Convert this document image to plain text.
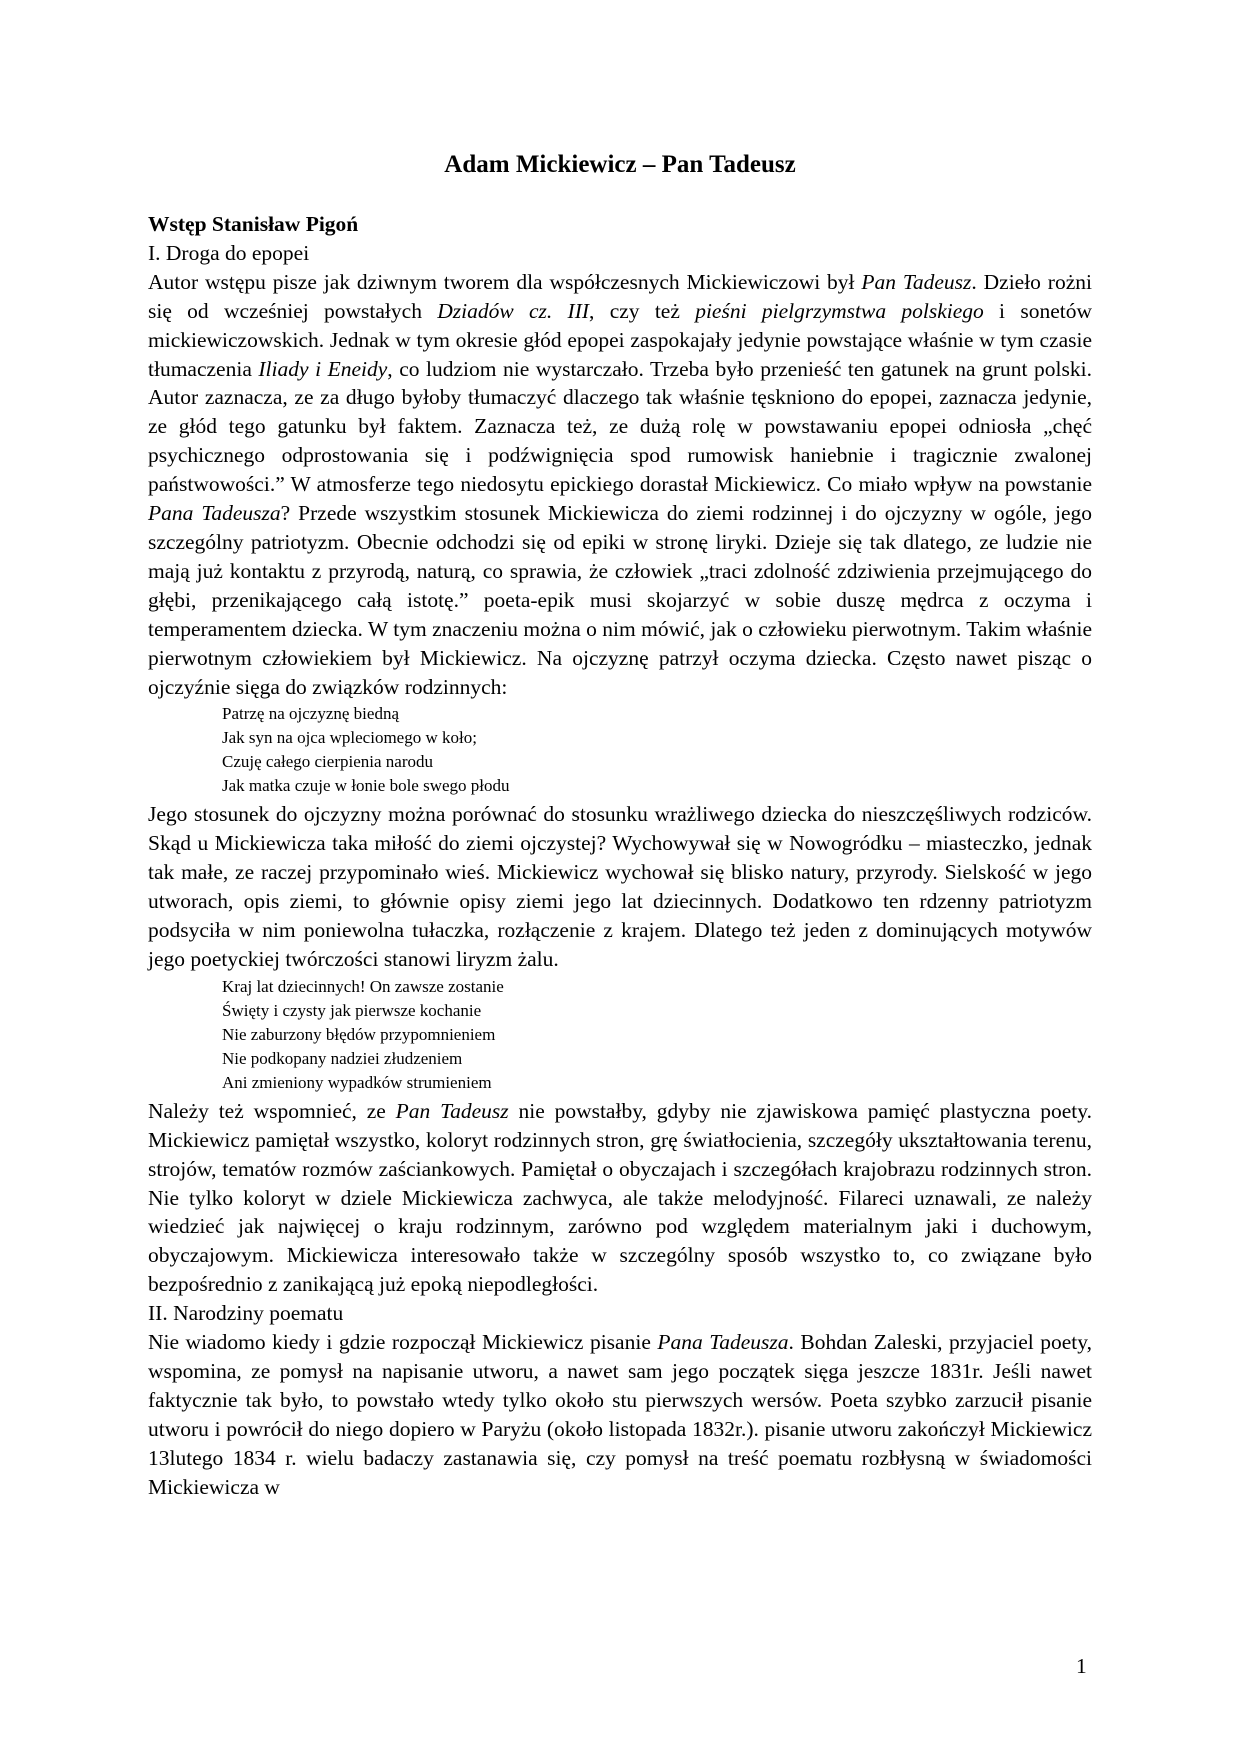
Adam Mickiewicz – Pan Tadeusz
Wstęp Stanisław Pigoń
I. Droga do epopei

Autor wstępu pisze jak dziwnym tworem dla współczesnych Mickiewiczowi był Pan Tadeusz. Dzieło rożni się od wcześniej powstałych Dziadów cz. III, czy też pieśni pielgrzymstwa polskiego i sonetów mickiewiczowskich. Jednak w tym okresie głód epopei zaspokajały jedynie powstające właśnie w tym czasie tłumaczenia Iliady i Eneidy, co ludziom nie wystarczało. Trzeba było przenieść ten gatunek na grunt polski. Autor zaznacza, ze za długo byłoby tłumaczyć dlaczego tak właśnie tęskniono do epopei, zaznacza jedynie, ze głód tego gatunku był faktem. Zaznacza też, ze dużą rolę w powstawaniu epopei odniosła „chęć psychicznego odprostowania się i podźwignięcia spod rumowisk haniebnie i tragicznie zwalonej państwowości.” W atmosferze tego niedosytu epickiego dorastał Mickiewicz. Co miało wpływ na powstanie Pana Tadeusza? Przede wszystkim stosunek Mickiewicza do ziemi rodzinnej i do ojczyzny w ogóle, jego szczególny patriotyzm. Obecnie odchodzi się od epiki w stronę liryki. Dzieje się tak dlatego, ze ludzie nie mają już kontaktu z przyrodą, naturą, co sprawia, że człowiek „traci zdolność zdziwienia przejmującego do głębi, przenikającego całą istotę.” poeta-epik musi skojarzyć w sobie duszę mędrca z oczyma i temperamentem dziecka. W tym znaczeniu można o nim mówić, jak o człowieku pierwotnym. Takim właśnie pierwotnym człowiekiem był Mickiewicz. Na ojczyznę patrzył oczyma dziecka. Często nawet pisząc o ojczyźnie sięga do związków rodzinnych:

Patrzę na ojczyznę biedną
Jak syn na ojca wpleciomego w koło;
Czuję całego cierpienia narodu
Jak matka czuje w łonie bole swego płodu

Jego stosunek do ojczyzny można porównać do stosunku wrażliwego dziecka do nieszczęśliwych rodziców. Skąd u Mickiewicza taka miłość do ziemi ojczystej? Wychowywał się w Nowogródku – miasteczko, jednak tak małe, ze raczej przypominało wieś. Mickiewicz wychował się blisko natury, przyrody. Sielskość w jego utworach, opis ziemi, to głównie opisy ziemi jego lat dziecinnych. Dodatkowo ten rdzenny patriotyzm podsyciła w nim poniewolna tułaczka, rozłączenie z krajem. Dlatego też jeden z dominujących motywów jego poetyckiej twórczości stanowi liryzm żalu.

Kraj lat dziecinnych! On zawsze zostanie
Święty i czysty jak pierwsze kochanie
Nie zaburzony błędów przypomnieniem
Nie podkopany nadziei złudzeniem
Ani zmieniony wypadków strumieniem

Należy też wspomnieć, ze Pan Tadeusz nie powstałby, gdyby nie zjawiskowa pamięć plastyczna poety. Mickiewicz pamiętał wszystko, koloryt rodzinnych stron, grę światłocienia, szczegóły ukształtowania terenu, strojów, tematów rozmów zaściankowych. Pamiętał o obyczajach i szczegółach krajobrazu rodzinnych stron. Nie tylko koloryt w dziele Mickiewicza zachwyca, ale także melodyjność. Filareci uznawali, ze należy wiedzieć jak najwięcej o kraju rodzinnym, zarówno pod względem materialnym jaki i duchowym, obyczajowym. Mickiewicza interesowało także w szczególny sposób wszystko to, co związane było bezpośrednio z zanikającą już epoką niepodległości.

II. Narodziny poematu

Nie wiadomo kiedy i gdzie rozpoczął Mickiewicz pisanie Pana Tadeusza. Bohdan Zaleski, przyjaciel poety, wspomina, ze pomysł na napisanie utworu, a nawet sam jego początek sięga jeszcze 1831r. Jeśli nawet faktycznie tak było, to powstało wtedy tylko około stu pierwszych wersów. Poeta szybko zarzucił pisanie utworu i powrócił do niego dopiero w Paryżu (około listopada 1832r.). pisanie utworu zakończył Mickiewicz 13lutego 1834 r. wielu badaczy zastanawia się, czy pomysł na treść poematu rozbłysną w świadomości Mickiewicza w

1
